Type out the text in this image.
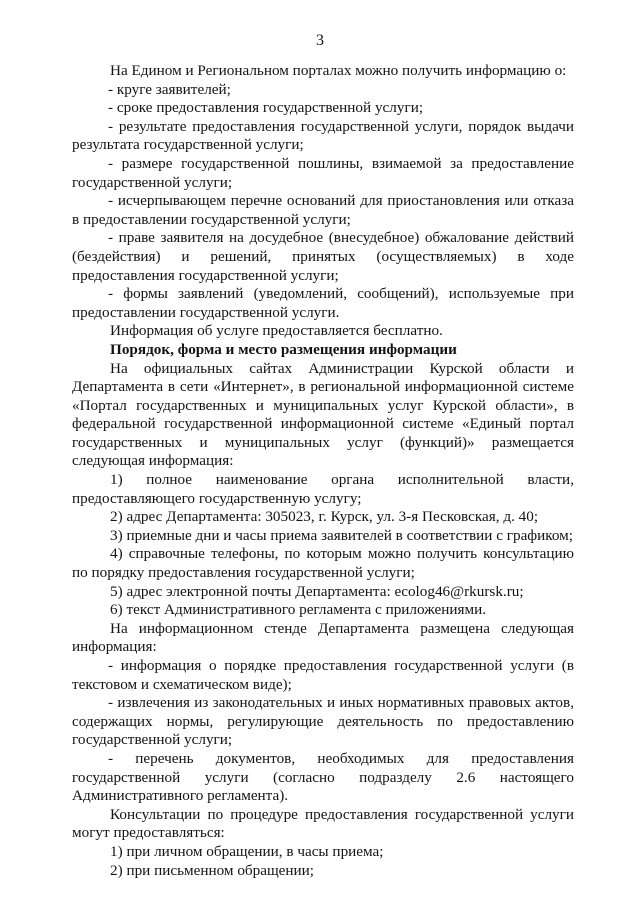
3

На Едином и Региональном порталах можно получить информацию о:

- круге заявителей;

- сроке предоставления государственной услуги;

- результате предоставления государственной услуги, порядок выдачи результата государственной услуги;

- размере государственной пошлины, взимаемой за предоставление государственной услуги;

- исчерпывающем перечне оснований для приостановления или отказа в предоставлении государственной услуги;

- праве заявителя на досудебное (внесудебное) обжалование действий (бездействия) и решений, принятых (осуществляемых) в ходе предоставления государственной услуги;

- формы заявлений (уведомлений, сообщений), используемые при предоставлении государственной услуги.

Информация об услуге предоставляется бесплатно.

Порядок, форма и место размещения информации

На официальных сайтах Администрации Курской области и Департамента в сети «Интернет», в региональной информационной системе «Портал государственных и муниципальных услуг Курской области», в федеральной государственной информационной системе «Единый портал государственных и муниципальных услуг (функций)» размещается следующая информация:

1) полное наименование органа исполнительной власти, предоставляющего государственную услугу;

2) адрес Департамента: 305023, г. Курск, ул. 3-я Песковская, д. 40;

3) приемные дни и часы приема заявителей в соответствии с графиком;

4) справочные телефоны, по которым можно получить консультацию по порядку предоставления государственной услуги;

5) адрес электронной почты Департамента: ecolog46@rkursk.ru;

6) текст Административного регламента с приложениями.

На информационном стенде Департамента размещена следующая информация:

- информация о порядке предоставления государственной услуги (в текстовом и схематическом виде);

- извлечения из законодательных и иных нормативных правовых актов, содержащих нормы, регулирующие деятельность по предоставлению государственной услуги;

- перечень документов, необходимых для предоставления государственной услуги (согласно подразделу 2.6 настоящего Административного регламента).

Консультации по процедуре предоставления государственной услуги могут предоставляться:

1) при личном обращении, в часы приема;

2) при письменном обращении;
